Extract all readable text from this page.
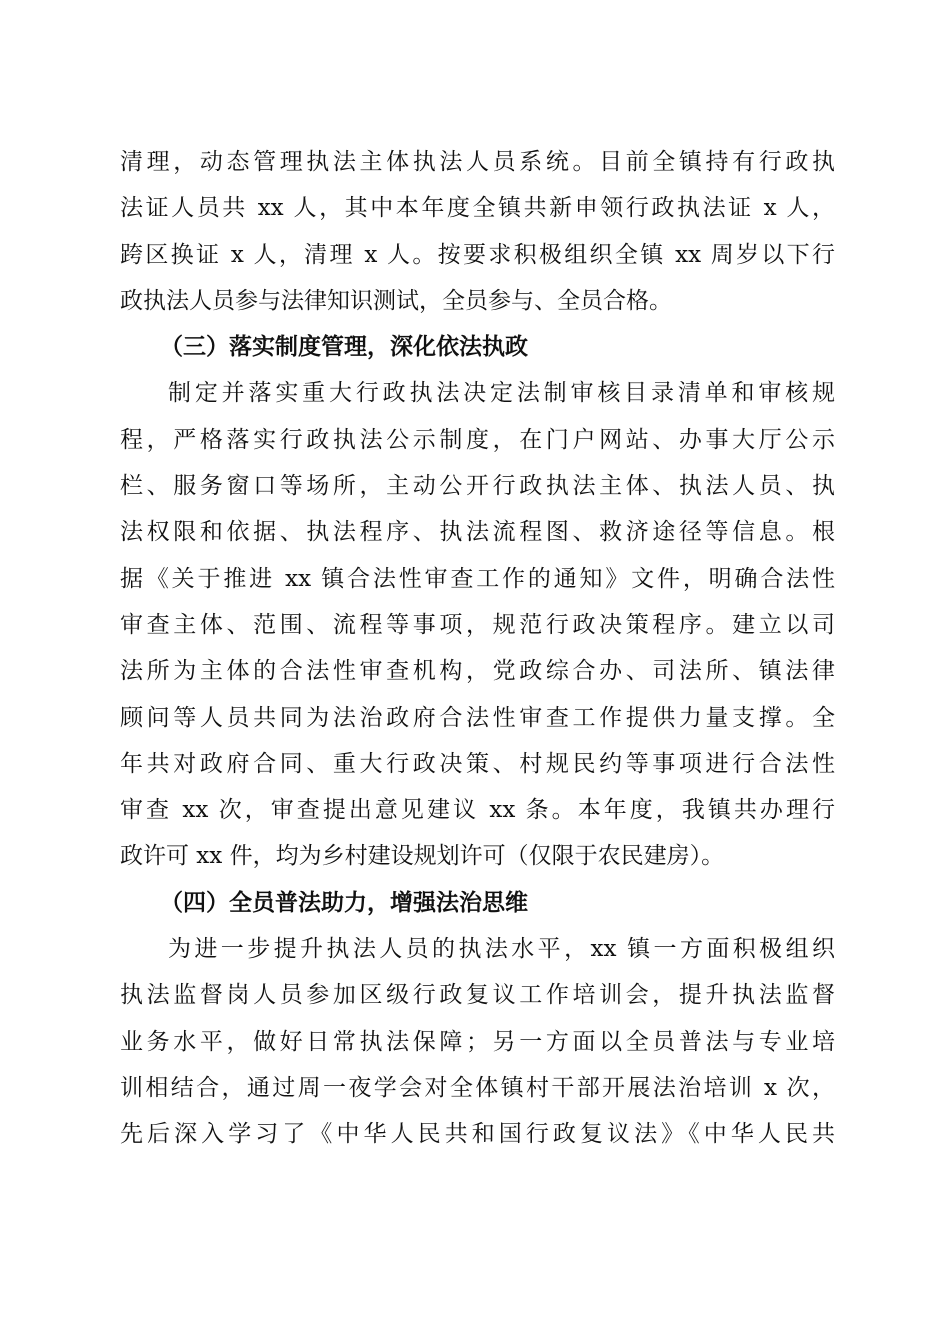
清理，动态管理执法主体执法人员系统。目前全镇持有行政执
法证人员共 xx 人，其中本年度全镇共新申领行政执法证 x 人，
跨区换证 x 人，清理 x 人。按要求积极组织全镇 xx 周岁以下行
政执法人员参与法律知识测试，全员参与、全员合格。
（三）落实制度管理，深化依法执政
制定并落实重大行政执法决定法制审核目录清单和审核规
程，严格落实行政执法公示制度，在门户网站、办事大厅公示
栏、服务窗口等场所，主动公开行政执法主体、执法人员、执
法权限和依据、执法程序、执法流程图、救济途径等信息。根
据《关于推进 xx 镇合法性审查工作的通知》文件，明确合法性
审查主体、范围、流程等事项，规范行政决策程序。建立以司
法所为主体的合法性审查机构，党政综合办、司法所、镇法律
顾问等人员共同为法治政府合法性审查工作提供力量支撑。全
年共对政府合同、重大行政决策、村规民约等事项进行合法性
审查 xx 次，审查提出意见建议 xx 条。本年度，我镇共办理行
政许可 xx 件，均为乡村建设规划许可（仅限于农民建房）。
（四）全员普法助力，增强法治思维
为进一步提升执法人员的执法水平，xx 镇一方面积极组织
执法监督岗人员参加区级行政复议工作培训会，提升执法监督
业务水平，做好日常执法保障；另一方面以全员普法与专业培
训相结合，通过周一夜学会对全体镇村干部开展法治培训 x 次，
先后深入学习了《中华人民共和国行政复议法》《中华人民共
